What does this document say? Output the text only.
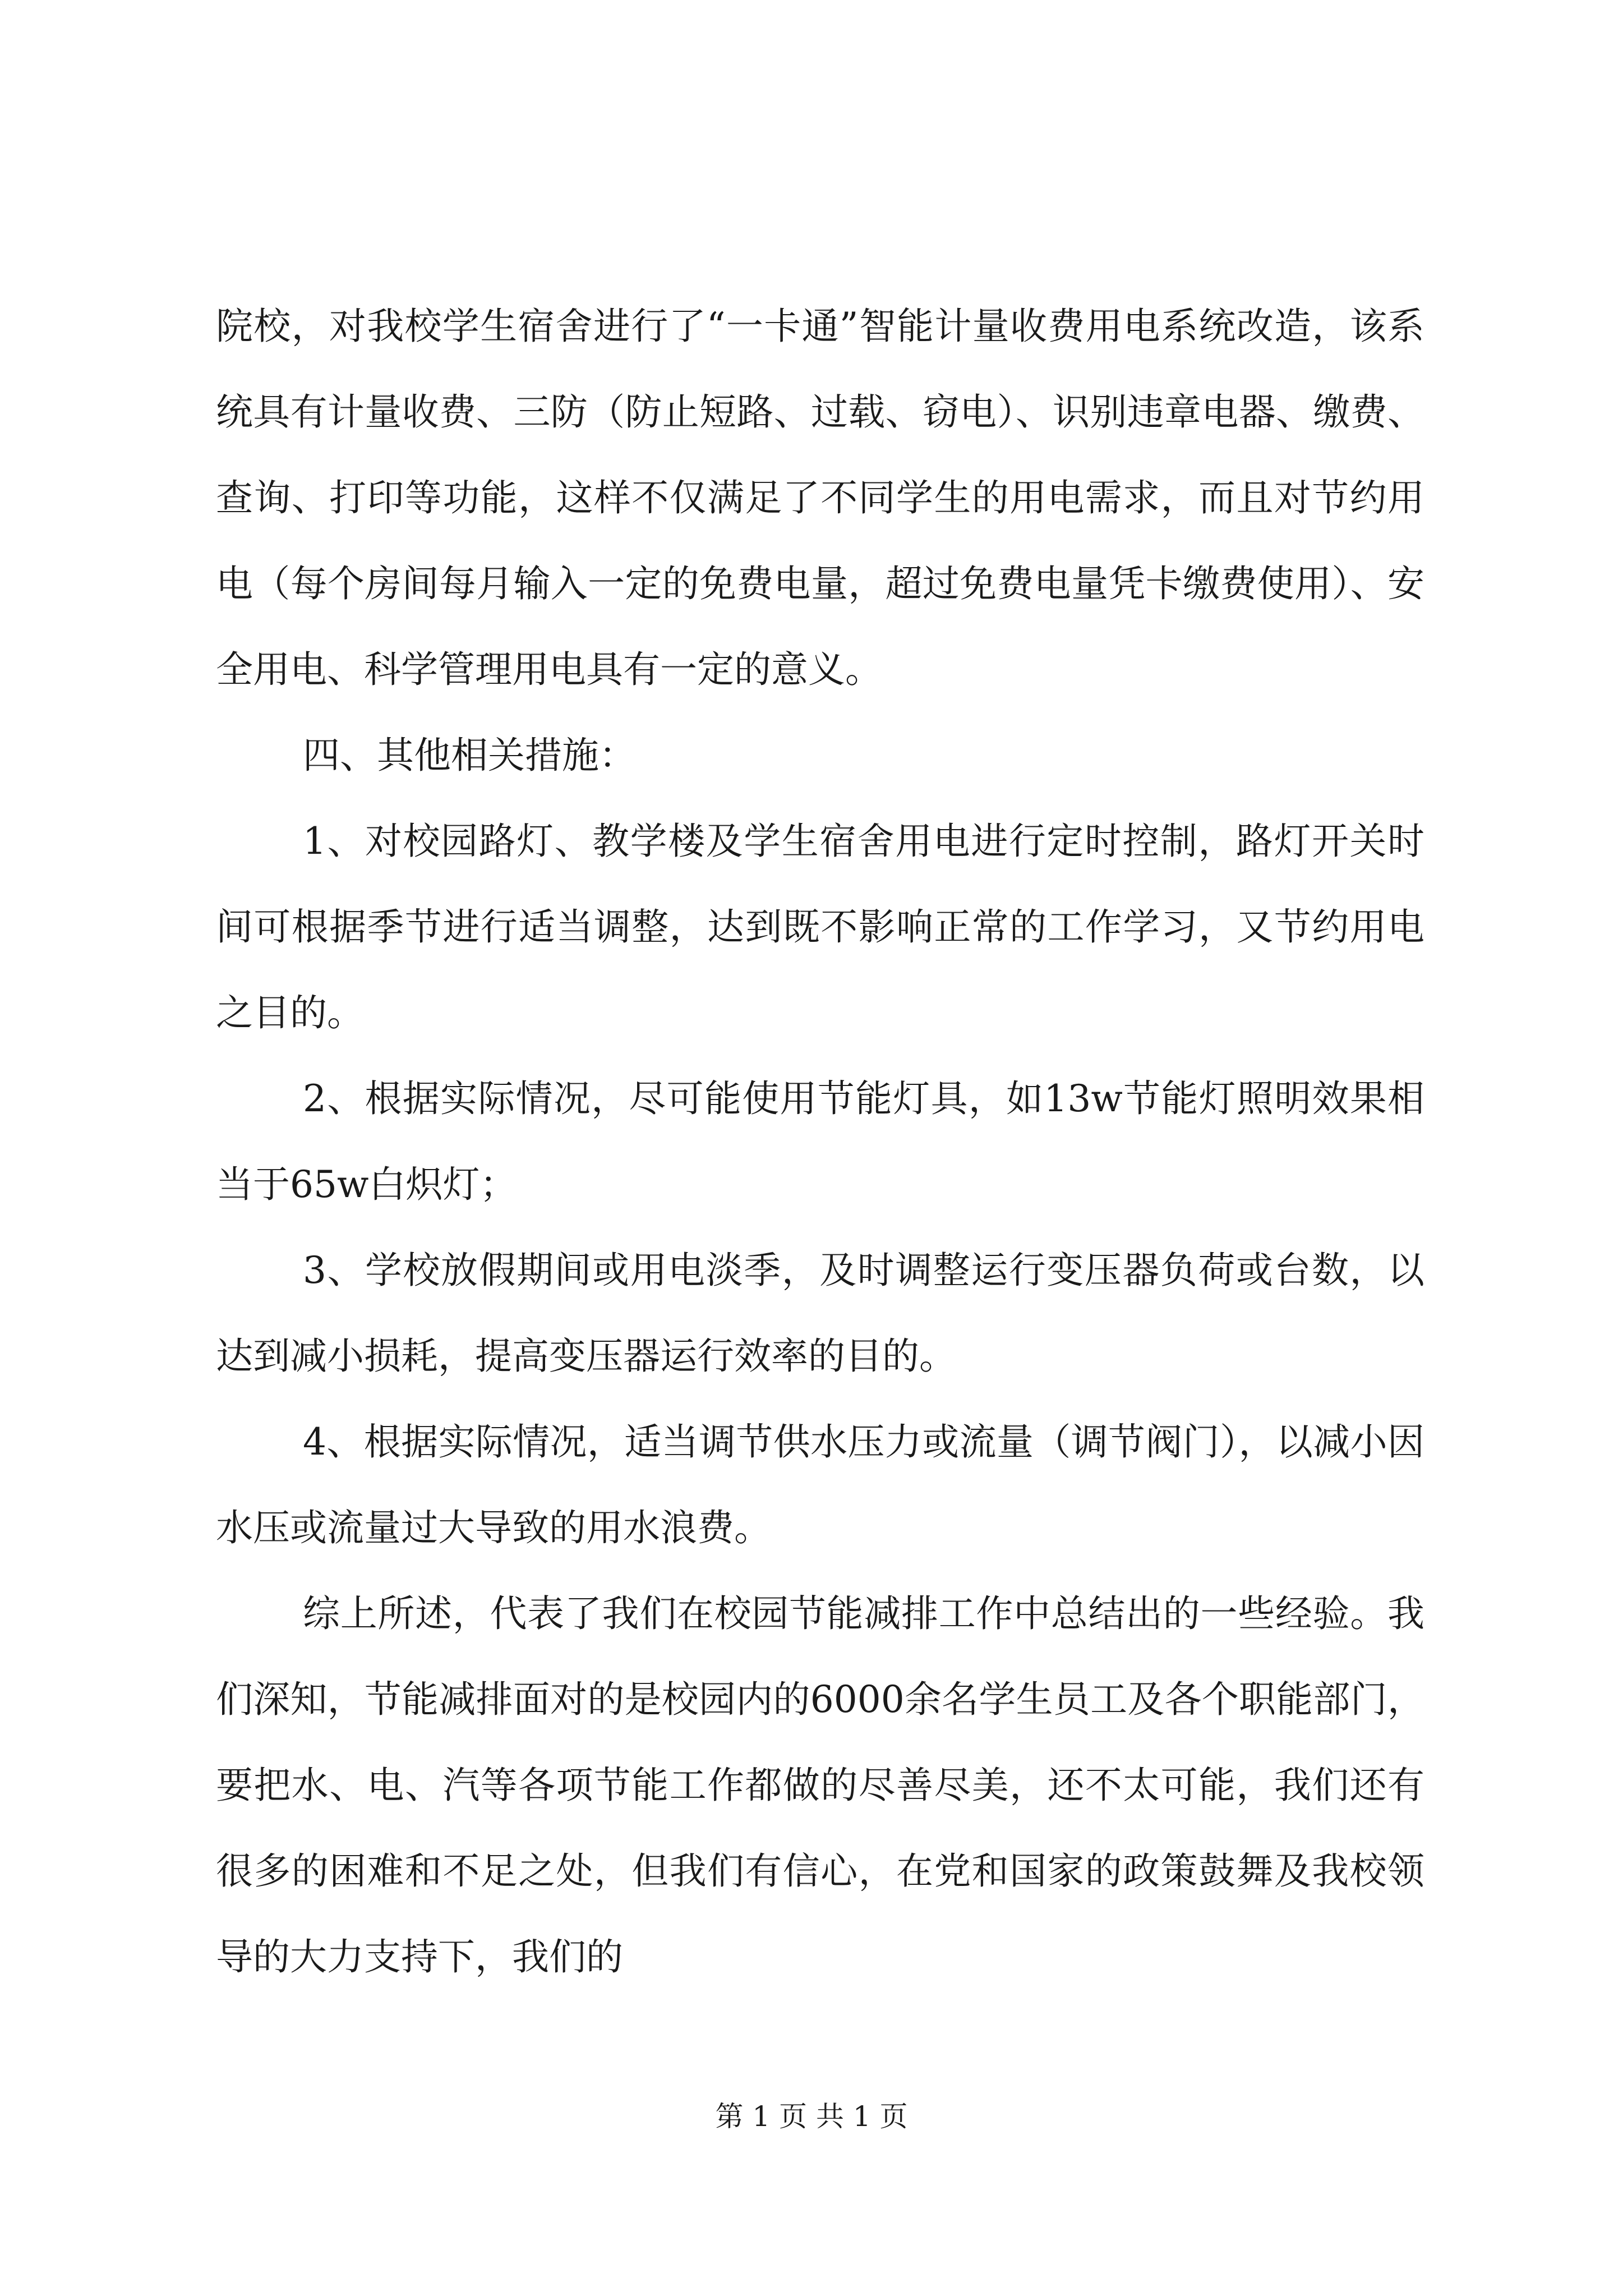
院校，对我校学生宿舍进行了“一卡通”智能计量收费用电系统改造，该系统具有计量收费、三防（防止短路、过载、窃电）、识别违章电器、缴费、查询、打印等功能，这样不仅满足了不同学生的用电需求，而且对节约用电（每个房间每月输入一定的免费电量，超过免费电量凭卡缴费使用）、安全用电、科学管理用电具有一定的意义。

四、其他相关措施：

1、对校园路灯、教学楼及学生宿舍用电进行定时控制，路灯开关时间可根据季节进行适当调整，达到既不影响正常的工作学习，又节约用电之目的。

2、根据实际情况，尽可能使用节能灯具，如13w节能灯照明效果相当于65w白炽灯；

3、学校放假期间或用电淡季，及时调整运行变压器负荷或台数，以达到减小损耗，提高变压器运行效率的目的。

4、根据实际情况，适当调节供水压力或流量（调节阀门），以减小因水压或流量过大导致的用水浪费。

综上所述，代表了我们在校园节能减排工作中总结出的一些经验。我们深知，节能减排面对的是校园内的6000余名学生员工及各个职能部门，要把水、电、汽等各项节能工作都做的尽善尽美，还不太可能，我们还有很多的困难和不足之处，但我们有信心，在党和国家的政策鼓舞及我校领导的大力支持下，我们的

第 1 页 共 1 页
